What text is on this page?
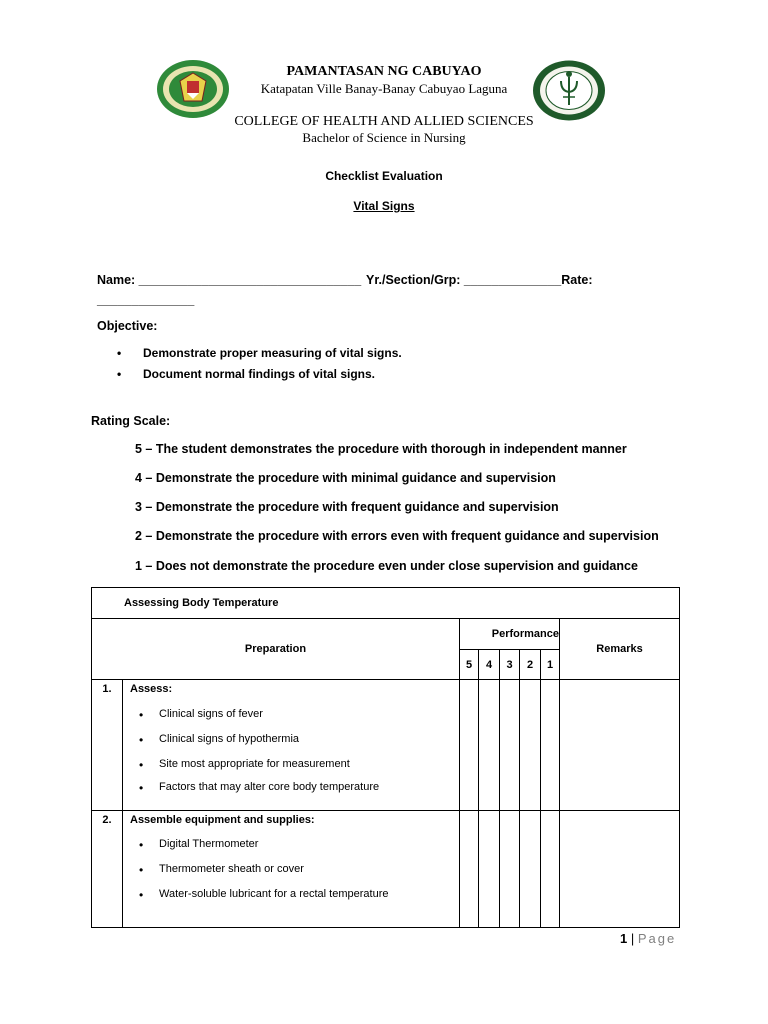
PAMANTASAN NG CABUYAO
Katapatan Ville Banay-Banay Cabuyao Laguna
COLLEGE OF HEALTH AND ALLIED SCIENCES
Bachelor of Science in Nursing
Checklist Evaluation
Vital Signs
Name: ________________________________ Yr./Section/Grp: ______________Rate:
______________
Objective:
• Demonstrate proper measuring of vital signs.
• Document normal findings of vital signs.
Rating Scale:
5 – The student demonstrates the procedure with thorough in independent manner
4 – Demonstrate the procedure with minimal guidance and supervision
3 – Demonstrate the procedure with frequent guidance and supervision
2 – Demonstrate the procedure with errors even with frequent guidance and supervision
1 – Does not demonstrate the procedure even under close supervision and guidance
Assessing Body Temperature							
Preparation		Performance					Remarks
		5	4	3	2	1	
1.	Assess:
• Clinical signs of fever
• Clinical signs of hypothermia
• Site most appropriate for measurement
• Factors that may alter core body temperature

2.	Assemble equipment and supplies:
• Digital Thermometer
• Thermometer sheath or cover
• Water-soluble lubricant for a rectal temperature

1 | Page
